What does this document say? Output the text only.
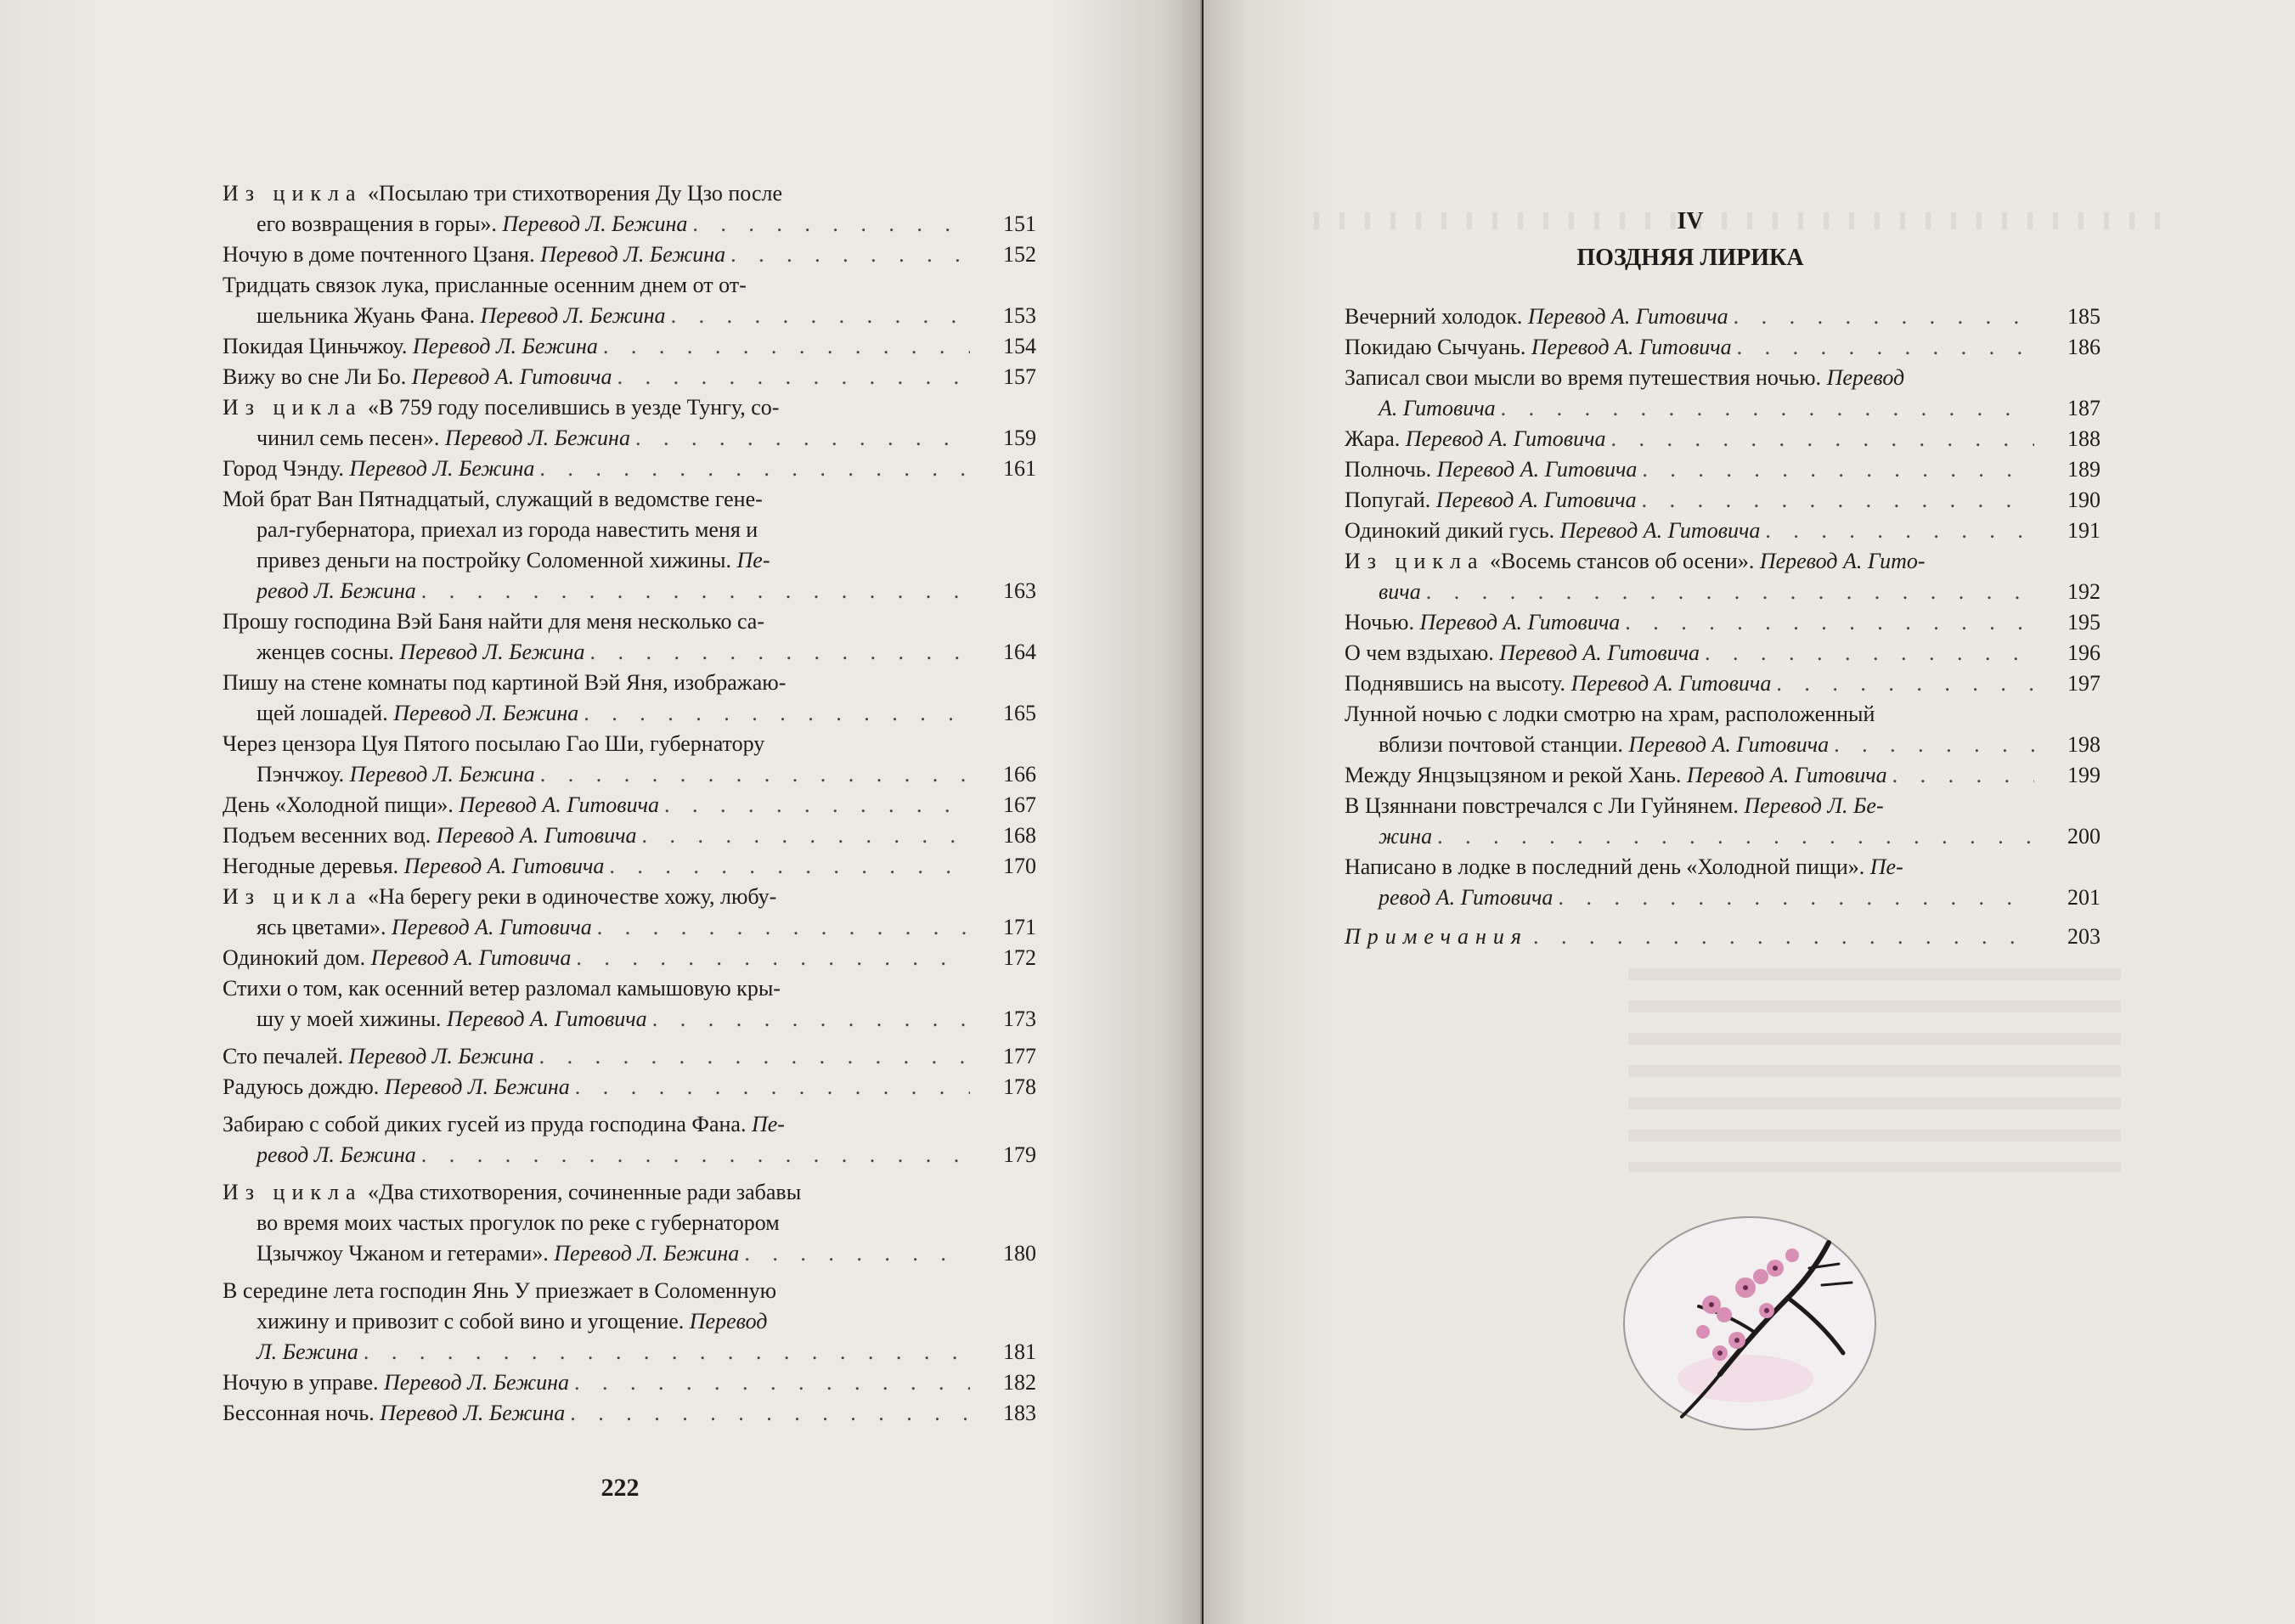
Из цикла «Посылаю три стихотворения Ду Цзо после
его возвращения в горы». Перевод Л. Бежина . . .	151
Ночую в доме почтенного Цзаня. Перевод Л. Бежина . . .	152
Тридцать связок лука, присланные осенним днем от от-
шельника Жуань Фана. Перевод Л. Бежина . . .	153
Покидая Циньчжоу. Перевод Л. Бежина . . .	154
Вижу во сне Ли Бо. Перевод А. Гитовича . . .	157
Из цикла «В 759 году поселившись в уезде Тунгу, со-
чинил семь песен». Перевод Л. Бежина . . .	159
Город Чэнду. Перевод Л. Бежина . . .	161
Мой брат Ван Пятнадцатый, служащий в ведомстве гене-
рал-губернатора, приехал из города навестить меня и
привез деньги на постройку Соломенной хижины. Пе-
ревод Л. Бежина . . .	163
Прошу господина Вэй Баня найти для меня несколько са-
женцев сосны. Перевод Л. Бежина . . .	164
Пишу на стене комнаты под картиной Вэй Яня, изображаю-
щей лошадей. Перевод Л. Бежина . . .	165
Через цензора Цуя Пятого посылаю Гао Ши, губернатору
Пэнчжоу. Перевод Л. Бежина . . .	166
День «Холодной пищи». Перевод А. Гитовича . . .	167
Подъем весенних вод. Перевод А. Гитовича . . .	168
Негодные деревья. Перевод А. Гитовича . . .	170
Из цикла «На берегу реки в одиночестве хожу, любу-
ясь цветами». Перевод А. Гитовича . . .	171
Одинокий дом. Перевод А. Гитовича . . .	172
Стихи о том, как осенний ветер разломал камышовую кры-
шу у моей хижины. Перевод А. Гитовича . . .	173
Сто печалей. Перевод Л. Бежина . . .	177
Радуюсь дождю. Перевод Л. Бежина . . .	178
Забираю с собой диких гусей из пруда господина Фана. Пе-
ревод Л. Бежина . . .	179
Из цикла «Два стихотворения, сочиненные ради забавы
во время моих частых прогулок по реке с губернатором
Цзычжоу Чжаном и гетерами». Перевод Л. Бежина . . .	180
В середине лета господин Янь У приезжает в Соломенную
хижину и привозит с собой вино и угощение. Перевод
Л. Бежина . . .	181
Ночую в управе. Перевод Л. Бежина . . .	182
Бессонная ночь. Перевод Л. Бежина . . .	183
222
Вечерний холодок. Перевод А. Гитовича . . .	185
Покидаю Сычуань. Перевод А. Гитовича . . .	186
Записал свои мысли во время путешествия ночью. Перевод
А. Гитовича . . .	187
Жара. Перевод А. Гитовича . . .	188
Полночь. Перевод А. Гитовича . . .	189
Попугай. Перевод А. Гитовича . . .	190
Одинокий дикий гусь. Перевод А. Гитовича . . .	191
Из цикла «Восемь стансов об осени». Перевод А. Гито-
вича . . .	192
Ночью. Перевод А. Гитовича . . .	195
О чем вздыхаю. Перевод А. Гитовича . . .	196
Поднявшись на высоту. Перевод А. Гитовича . . .	197
Лунной ночью с лодки смотрю на храм, расположенный
вблизи почтовой станции. Перевод А. Гитовича . . .	198
Между Янцзыцзяном и рекой Хань. Перевод А. Гитовича . . .	199
В Цзяннани повстречался с Ли Гуйнянем. Перевод Л. Бе-
жина . . .	200
Написано в лодке в последний день «Холодной пищи». Пе-
ревод А. Гитовича . . .	201
Примечания . . .	203
IV
ПОЗДНЯЯ ЛИРИКА
